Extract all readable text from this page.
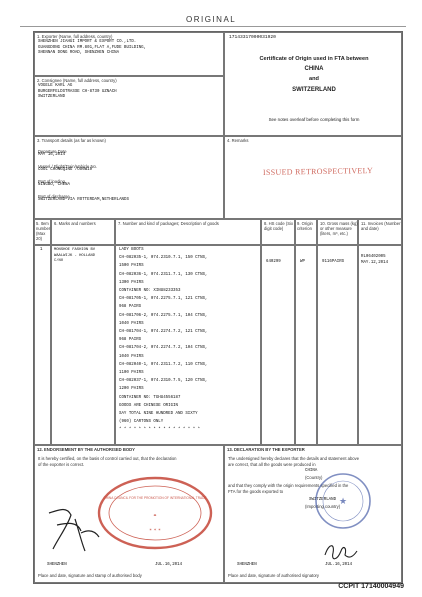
ORIGINAL
1. Exporter (Name, full address, country)
SHENZHEN JIAHUI IMPORT & EXPORT CO.,LTD.
GUANGDONG CHINA RM.801,FLAT A,FUDE BUILDING,
SHENNAN DONG ROAD, SHENZHEN CHINA
17143317000031920
Certificate of Origin used in FTA between
CHINA
and
SWITZERLAND
See notes overleaf before completing this form
2. Consignee (Name, full address, country)
VOGELE KARL AG
BURGERFELDSTRASSE CH-8730 UZNACH
SWITZERLAND
3. Transport details (as far as known)
Departure Date
MAY 16,2014
Vessel / Flight/Train/Vehicle No.
COOL CHONGQING /OO6W19
Port of loading
NINGBO, CHINA
Port of discharge
SWITZERLAND VIA ROTTERDAM,NETHERLANDS
4. Remarks
ISSUED RETROSPECTIVELY
5. Item number (Max 20)
6. Marks and numbers	7. Number and kind of packages; Description of goods	8. HS code (Six digit code)
9. Origin criterion
10. Gross mass (kg) or other measure (liters, m³, etc.)
11. Invoices (Number and date)
1	MONSHOE FASHION BV
WAALWIJK - HOLLAND
C/NO
LADY BOOTS
CH-082035-1, 074.2310.7.1, 150 CTNS,
1500 PAIRS
CH-082036-1, 074.2311.7.1, 130 CTNS,
1300 PAIRS
CONTAINER NO: XINU8233353
CH-081705-1, 074.2275.7.1, 121 CTNS,
968 PAIRS
CH-081706-2, 074.2275.7.1, 104 CTNS,
1040 PAIRS
CH-081704-1, 074.2274.7.2, 121 CTNS,
968 PAIRS
CH-081704-2, 074.2274.7.2, 104 CTNS,
1040 PAIRS
CH-082040-1, 074.2311.7.2, 110 CTNS,
1100 PAIRS
CH-082037-1, 074.2310.7.5, 120 CTNS,
1200 PAIRS
CONTAINER NO: TGHU4556187
GOODS ARE CHINESE ORIGIN
SAY TOTAL NINE HUNDRED AND SIXTY
(960) CARTONS ONLY
* * * * * * * * * * * * * * * * *
640299	WP	9116PAIRS
RL06402005
MAY.12,2014
12. ENDORSEMENT BY THE AUTHORISED BODY
It is hereby certified, on the basis of control carried out, that the declaration
of the exporter is correct.
CHINA COUNCIL FOR THE PROMOTION OF INTERNATIONAL TRADE
⚭
✶ ✶ ✶
SHENZHEN	JUL.16,2014
Place and date, signature and stamp of authorised body
13. DECLARATION BY THE EXPORTER
The undersigned hereby declares that the details and statement above
are correct, that all the goods were produced in
CHINA
(Country)
and that they comply with the origin requirements specified in the
FTA for the goods exported to
SWITZERLAND
(Importing country)
★
SHENZHEN	JUL.16,2014
Place and date, signature of authorised signatory
CCPIT 17140004949
